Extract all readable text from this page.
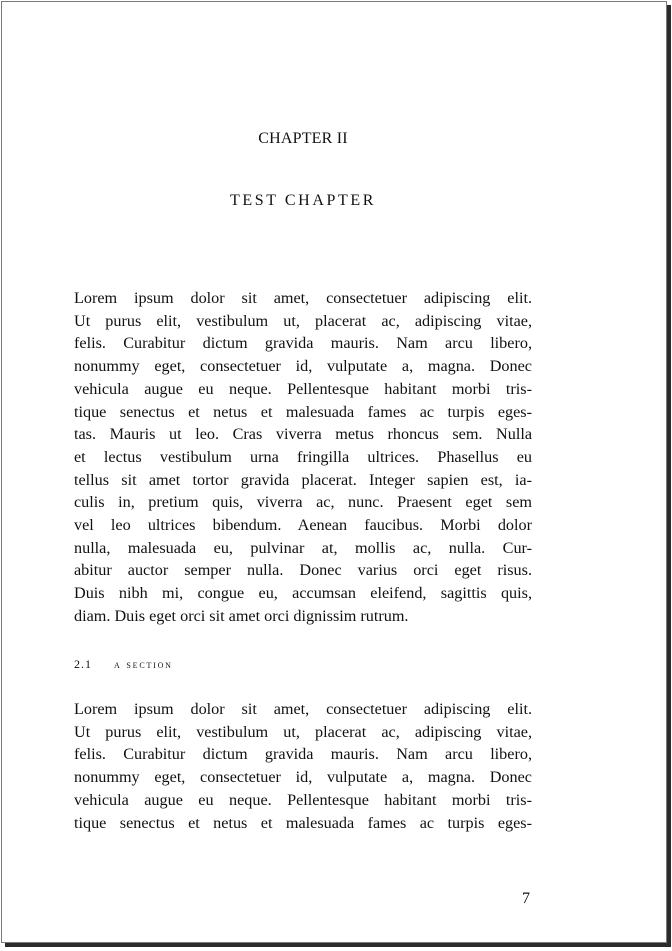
CHAPTER II
TEST CHAPTER
Lorem ipsum dolor sit amet, consectetuer adipiscing elit.
Ut purus elit, vestibulum ut, placerat ac, adipiscing vitae,
felis. Curabitur dictum gravida mauris. Nam arcu libero,
nonummy eget, consectetuer id, vulputate a, magna. Donec
vehicula augue eu neque. Pellentesque habitant morbi tris-
tique senectus et netus et malesuada fames ac turpis eges-
tas. Mauris ut leo. Cras viverra metus rhoncus sem. Nulla
et lectus vestibulum urna fringilla ultrices. Phasellus eu
tellus sit amet tortor gravida placerat. Integer sapien est, ia-
culis in, pretium quis, viverra ac, nunc. Praesent eget sem
vel leo ultrices bibendum. Aenean faucibus. Morbi dolor
nulla, malesuada eu, pulvinar at, mollis ac, nulla. Cur-
abitur auctor semper nulla. Donec varius orci eget risus.
Duis nibh mi, congue eu, accumsan eleifend, sagittis quis,
diam. Duis eget orci sit amet orci dignissim rutrum.
2.1 a section
Lorem ipsum dolor sit amet, consectetuer adipiscing elit.
Ut purus elit, vestibulum ut, placerat ac, adipiscing vitae,
felis. Curabitur dictum gravida mauris. Nam arcu libero,
nonummy eget, consectetuer id, vulputate a, magna. Donec
vehicula augue eu neque. Pellentesque habitant morbi tris-
tique senectus et netus et malesuada fames ac turpis eges-
7
